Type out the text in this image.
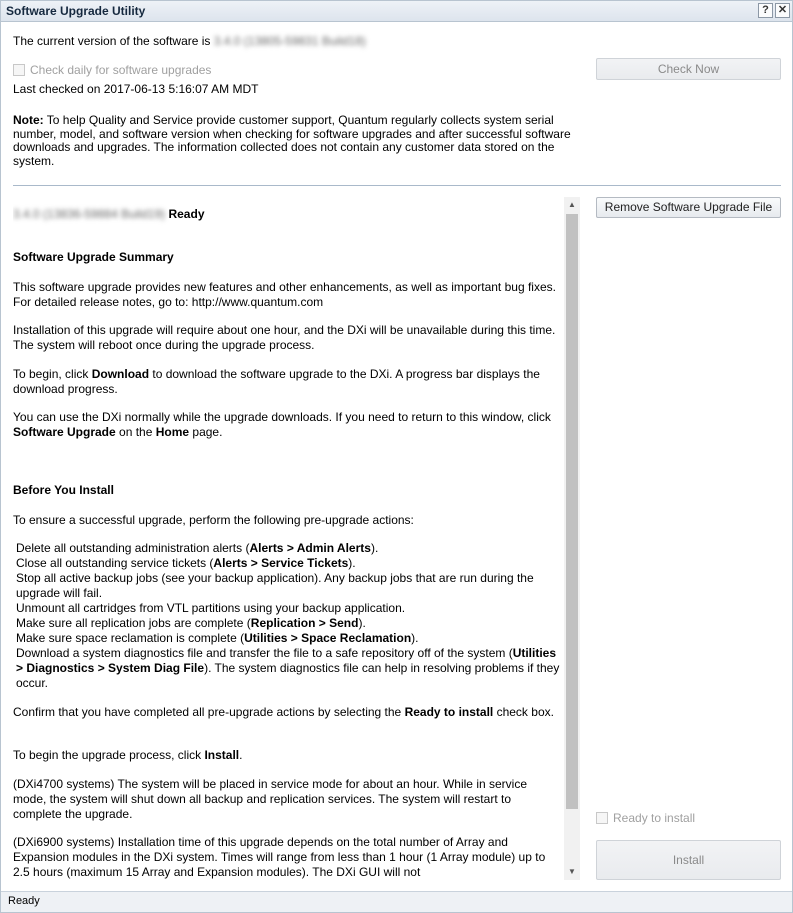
Software Upgrade Utility	? ✕
The current version of the software is 3.4.0 (13805-59831 Build18)
Check daily for software upgrades
Last checked on 2017-06-13 5:16:07 AM MDT
Note: To help Quality and Service provide customer support, Quantum regularly collects system serial number, model, and software version when checking for software upgrades and after successful software downloads and upgrades. The information collected does not contain any customer data stored on the system.
Check Now
3.4.0 (13836-59884 Build19) Ready
Software Upgrade Summary
This software upgrade provides new features and other enhancements, as well as important bug fixes. For detailed release notes, go to: http://www.quantum.com
Installation of this upgrade will require about one hour, and the DXi will be unavailable during this time. The system will reboot once during the upgrade process.
To begin, click Download to download the software upgrade to the DXi. A progress bar displays the download progress.
You can use the DXi normally while the upgrade downloads. If you need to return to this window, click Software Upgrade on the Home page.
Before You Install
To ensure a successful upgrade, perform the following pre-upgrade actions:
Delete all outstanding administration alerts (Alerts > Admin Alerts).
Close all outstanding service tickets (Alerts > Service Tickets).
Stop all active backup jobs (see your backup application). Any backup jobs that are run during the upgrade will fail.
Unmount all cartridges from VTL partitions using your backup application.
Make sure all replication jobs are complete (Replication > Send).
Make sure space reclamation is complete (Utilities > Space Reclamation).
Download a system diagnostics file and transfer the file to a safe repository off of the system (Utilities > Diagnostics > System Diag File). The system diagnostics file can help in resolving problems if they occur.
Confirm that you have completed all pre-upgrade actions by selecting the Ready to install check box.
To begin the upgrade process, click Install.
(DXi4700 systems) The system will be placed in service mode for about an hour. While in service mode, the system will shut down all backup and replication services. The system will restart to complete the upgrade.
(DXi6900 systems) Installation time of this upgrade depends on the total number of Array and Expansion modules in the DXi system. Times will range from less than 1 hour (1 Array module) up to 2.5 hours (maximum 15 Array and Expansion modules). The DXi GUI will not
▲
▼
Remove Software Upgrade File
Ready to install
Install
Ready
